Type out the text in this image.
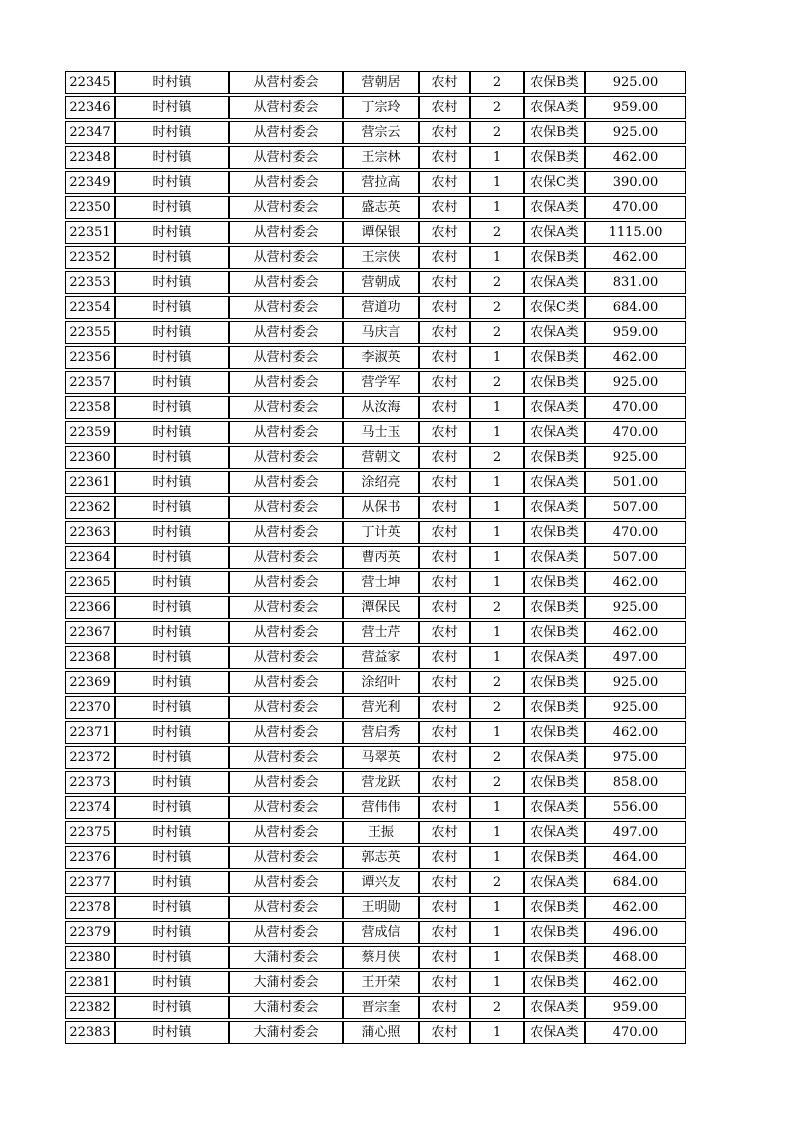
22345	时村镇	从营村委会	营朝居	农村	2	农保B类	925.00
22346	时村镇	从营村委会	丁宗玲	农村	2	农保A类	959.00
22347	时村镇	从营村委会	营宗云	农村	2	农保B类	925.00
22348	时村镇	从营村委会	王宗林	农村	1	农保B类	462.00
22349	时村镇	从营村委会	营拉高	农村	1	农保C类	390.00
22350	时村镇	从营村委会	盛志英	农村	1	农保A类	470.00
22351	时村镇	从营村委会	谭保银	农村	2	农保A类	1115.00
22352	时村镇	从营村委会	王宗侠	农村	1	农保B类	462.00
22353	时村镇	从营村委会	营朝成	农村	2	农保A类	831.00
22354	时村镇	从营村委会	营道功	农村	2	农保C类	684.00
22355	时村镇	从营村委会	马庆言	农村	2	农保A类	959.00
22356	时村镇	从营村委会	李淑英	农村	1	农保B类	462.00
22357	时村镇	从营村委会	营学军	农村	2	农保B类	925.00
22358	时村镇	从营村委会	从汝海	农村	1	农保A类	470.00
22359	时村镇	从营村委会	马士玉	农村	1	农保A类	470.00
22360	时村镇	从营村委会	营朝文	农村	2	农保B类	925.00
22361	时村镇	从营村委会	涂绍亮	农村	1	农保A类	501.00
22362	时村镇	从营村委会	从保书	农村	1	农保A类	507.00
22363	时村镇	从营村委会	丁计英	农村	1	农保B类	470.00
22364	时村镇	从营村委会	曹丙英	农村	1	农保A类	507.00
22365	时村镇	从营村委会	营士坤	农村	1	农保B类	462.00
22366	时村镇	从营村委会	潭保民	农村	2	农保B类	925.00
22367	时村镇	从营村委会	营士芹	农村	1	农保B类	462.00
22368	时村镇	从营村委会	营益家	农村	1	农保A类	497.00
22369	时村镇	从营村委会	涂绍叶	农村	2	农保B类	925.00
22370	时村镇	从营村委会	营光利	农村	2	农保B类	925.00
22371	时村镇	从营村委会	营启秀	农村	1	农保B类	462.00
22372	时村镇	从营村委会	马翠英	农村	2	农保A类	975.00
22373	时村镇	从营村委会	营龙跃	农村	2	农保B类	858.00
22374	时村镇	从营村委会	营伟伟	农村	1	农保A类	556.00
22375	时村镇	从营村委会	王振	农村	1	农保A类	497.00
22376	时村镇	从营村委会	郭志英	农村	1	农保B类	464.00
22377	时村镇	从营村委会	谭兴友	农村	2	农保A类	684.00
22378	时村镇	从营村委会	王明勋	农村	1	农保B类	462.00
22379	时村镇	从营村委会	营成信	农村	1	农保B类	496.00
22380	时村镇	大蒲村委会	蔡月侠	农村	1	农保B类	468.00
22381	时村镇	大蒲村委会	王开荣	农村	1	农保B类	462.00
22382	时村镇	大蒲村委会	晋宗奎	农村	2	农保A类	959.00
22383	时村镇	大蒲村委会	蒲心照	农村	1	农保A类	470.00
